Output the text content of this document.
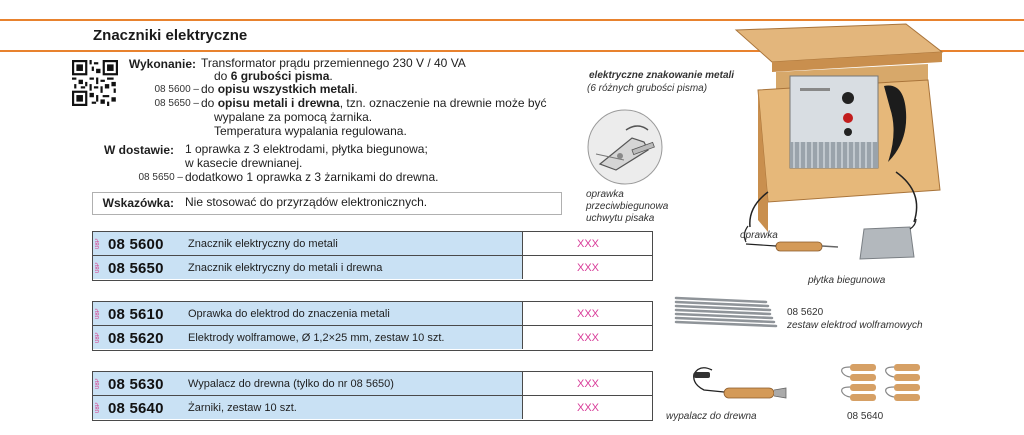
Znaczniki elektryczne
Wykonanie: Transformator prądu przemiennego 230 V / 40 VA
do 6 grubości pisma.
08 5600 – do opisu wszystkich metali.
08 5650 – do opisu metali i drewna, tzn. oznaczenie na drewnie może być
wypalane za pomocą żarnika.
Temperatura wypalania regulowana.
W dostawie: 1 oprawka z 3 elektrodami, płytka biegunowa;
w kasecie drewnianej.
08 5650 – dodatkowo 1 oprawka z 3 żarnikami do drewna.
Wskazówka: Nie stosować do przyrządów elektronicznych.
08P 08 5600 Znacznik elektryczny do metali	XXX
08P 08 5650 Znacznik elektryczny do metali i drewna	XXX
08P 08 5610 Oprawka do elektrod do znaczenia metali	XXX
08P 08 5620 Elektrody wolframowe, Ø 1,2×25 mm, zestaw 10 szt.	XXX
08P 08 5630 Wypalacz do drewna (tylko do nr 08 5650)	XXX
08P 08 5640 Żarniki, zestaw 10 szt.	XXX
elektryczne znakowanie metali
(6 różnych grubości pisma)
oprawka
przeciwbiegunowa
uchwytu pisaka
oprawka
płytka biegunowa
08 5620
zestaw elektrod wolframowych
wypalacz do drewna	08 5640
